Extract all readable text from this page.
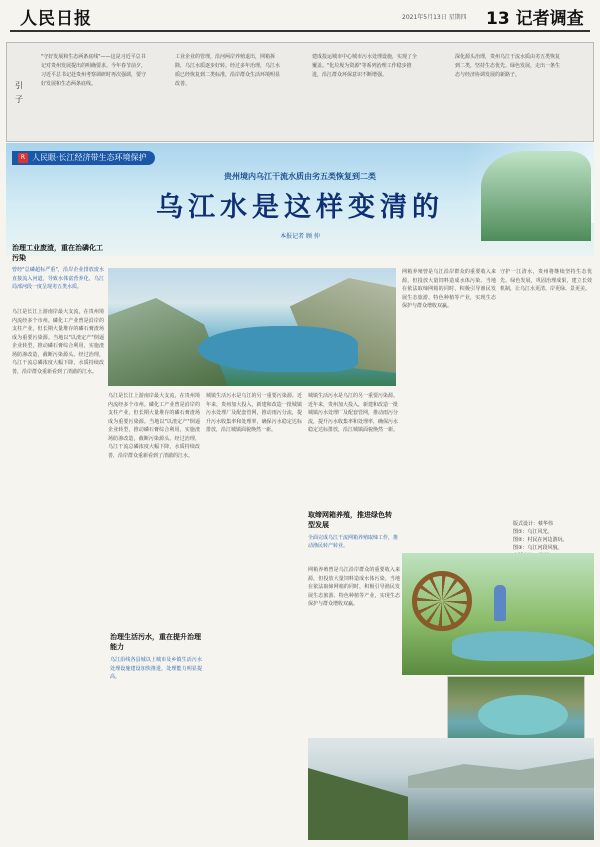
人民日报	2021年5月13日 星期四 13 记者调查
引子
"守好发展和生态两条底线"——这是习近平总书记对贵州发展提出的明确要求。今年春节前夕，习近平总书记赴贵州考察调研时再次强调，要守好发展和生态两条底线。
工业企业的管理，沿河两岸养殖退出，网箱拆除，乌江水质逐步好转。经过多年治理，乌江水质已经恢复到二类标准，沿岸群众生活环境明显改善。
建成投运城市中心城市污水处理设施，实现了全覆盖。"化垃圾为资源"等系列治理工作稳步推进，沿江群众环保意识不断增强。
深化源头治理，贵州乌江干流水质由劣五类恢复到二类，坚持生态优先、绿色发展，走出一条生态与经济协调发展的新路子。
R 人民眼·长江经济带生态环境保护
贵州境内乌江干流水质由劣五类恢复到二类
乌江水是这样变清的
本报记者 顾 仲
治理工业废渣，重在治磷化工污染
曾经"总磷超标严重"，沿岸企业排放废水直接流入河道，导致水体富营养化，乌江局部河段一度呈现劣五类水质。
乌江是长江上游南岸最大支流，在贵州境内流经多个市州。磷化工产业曾是沿岸的支柱产业，但长期大量堆存的磷石膏渣场成为重要污染源。当地以"以渣定产"倒逼企业转型，推动磷石膏综合利用，实施渣场防渗改造，截断污染源头。经过治理，乌江干流总磷浓度大幅下降，水质持续改善，沿岸群众重新看到了清澈的江水。
乌江是长江上游南岸最大支流，在贵州境内流经多个市州。磷化工产业曾是沿岸的支柱产业，但长期大量堆存的磷石膏渣场成为重要污染源。当地以"以渣定产"倒逼企业转型，推动磷石膏综合利用，实施渣场防渗改造，截断污染源头。经过治理，乌江干流总磷浓度大幅下降，水质持续改善，沿岸群众重新看到了清澈的江水。
城镇生活污水是乌江的另一重要污染源。近年来，贵州加大投入，新建和改造一批城镇污水处理厂及配套管网，推动雨污分流，提升污水收集率和处理率，确保污水稳定达标排放，沿江城镇面貌焕然一新。
治理生活污水，重在提升治理能力
乌江沿线各县城以上城市及乡镇生活污水处理设施建设加快推进，处理能力明显提高。
城镇生活污水是乌江的另一重要污染源。近年来，贵州加大投入，新建和改造一批城镇污水处理厂及配套管网，推动雨污分流，提升污水收集率和处理率，确保污水稳定达标排放，沿江城镇面貌焕然一新。
取缔网箱养殖，推进绿色转型发展
全面完成乌江干流网箱养殖取缔工作，推动渔民转产转业。
网箱养殖曾是乌江沿岸群众的重要收入来源，但投放大量饲料造成水体污染。当地在依法取缔网箱的同时，积极引导渔民发展生态旅游、特色种植等产业，实现生态保护与群众增收双赢。
网箱养殖曾是乌江沿岸群众的重要收入来源，但投放大量饲料造成水体污染。当地在依法取缔网箱的同时，积极引导渔民发展生态旅游、特色种植等产业，实现生态保护与群众增收双赢。
守护一江清水，贵州将继续坚持生态优先、绿色发展，巩固治理成果，建立长效机制，让乌江水更清、岸更绿、景更美。
版式设计：蔡华伟
图①：乌江风光。
图②：村民在河边游玩。
图③：乌江河段风貌。
